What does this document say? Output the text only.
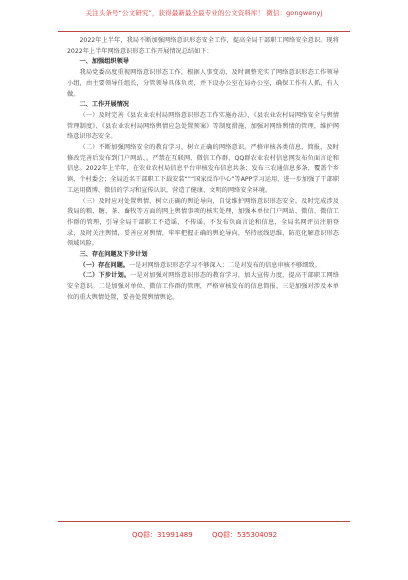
关注头条号“公文研究”，获得最新最全最专业的公文资料库！ 微信：gongwenyj

2022年上半年，我局不断加强网络意识形态安全工作，提高全局干部职工网络安全意识。现将2022年上半年网络意识形态工作开展情况总结如下：

一、加强组织领导

我局党委高度重视网络意识形态工作，根据人事变动，及时调整充实了网络意识形态工作领导小组，由主要领导任组长，分管领导具体负责，并下设办公室在局办公室，确保工作有人抓、有人做。

二、工作开展情况

（一）及时完善《县农业农村局网络意识形态工作实施办法》、《县农业农村局网络安全与舆情管理制度》、《县农业农村局网络舆情应急处置预案》等制度措施，加强对网络舆情的管理，维护网络意识形态安全。

（二）不断加强网络安全的教育学习、树立正确的网络意识。严格审核各类信息、简报，及时修改完善后发布到门户网站、。严禁在互联网、微信工作群、QQ群农业农村信息网发布负面言论和信息。2022年上半年，在农业农村局信息平台审核发布信息共条；发布三农通信息多条，覆盖个乡镇，个村委会；全局近名干部职工下载安装“”“国家反诈中心”等APP学习运用，进一步加强了干部职工运用微博、微信的学习和宣传认识，营造了健康、文明的网络安全环境。

（三）及时应对处置舆情，树立正确的舆论导向，自觉维护网络意识形态安全。及时完成涉及我局的粮、糖、茶、畜牧等方面的网上舆情事项的核实处理，加强本单位门户网站、微信、微信工作群的管理，引导全局干部职工不造谣、不传谣，不发布负面言论和信息，全局名网评员注册登录，及时关注舆情，妥善应对舆情，牢牢把握正确的舆论导向，坚持底线思维，防范化解意识形态领域风险。

三、存在问题及下步计划

（一）存在问题。一是对网络意识形态学习不够深入；二是对发布的信息审核不够细致。

（二）下步计划。一是对加强对网络意识形态的教育学习，加大宣传力度，提高干部职工网络安全意识。二是加强对单位、微信工作群的管理，严格审核发布的信息简报。三是加强对涉及本单位的重大舆情处置，妥善处置舆情舆论。

QQ群：31991489	QQ群：535304092
